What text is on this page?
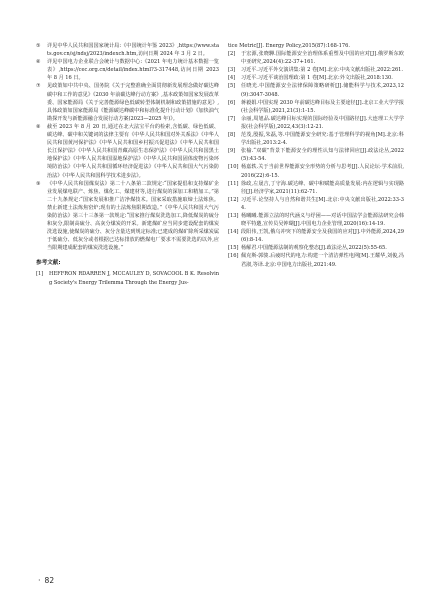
⑤	详见中华人民共和国国家统计局:《中国统计年鉴 2023》,https://www.stats.gov.cn/sj/ndsj/2023/indexch.htm,访问日期 2024 年 3 月 2 日。

⑥	详见中国电力企业联合会统计与数据中心:《2021 年电力统计基本数据一览表》,https://cec.org.cn/detail/index.html?3-317448,访问日期 2023 年 8 月 16 日。

⑦	见政策如中共中央、国务院《关于完整准确全面贯彻新发展理念做好碳达峰碳中和工作的意见》《2030 年前碳达峰行动方案》,基本政策如国家发展改革委、国家能源局《关于完善能源绿色低碳转型体制机制和政策措施的意见》,具体政策如国家能源局《能源碳达峰碳中和标准化提升行动计划》《加快油气勘探开发与新能源融合发展行动方案(2023—2025 年)》。

⑧	截至 2023 年 8 月 20 日,通过在北大法宝平台的检索,含低碳、绿色低碳、碳达峰、碳中和关键词的法律主要有《中华人民共和国对外关系法》《中华人民共和国黄河保护法》《中华人民共和国乡村振兴促进法》《中华人民共和国长江保护法》《中华人民共和国青藏高原生态保护法》《中华人民共和国黑土地保护法》《中华人民共和国湿地保护法》《中华人民共和国固体废物污染环境防治法》《中华人民共和国循环经济促进法》《中华人民共和国大气污染防治法》《中华人民共和国科学技术进步法》。

⑨	《中华人民共和国煤炭法》第二十八条第二款规定:“国家提倡和支持煤矿企业发展煤电联产、炼焦、煤化工、煤建材等,进行煤炭的深加工和精加工。”第二十九条规定:“国家发展和推广洁净煤技术。国家采取措施取缔土法炼焦。禁止新建土法炼焦窑炉;现有的土法炼焦限期改造。”《中华人民共和国大气污染防治法》第三十三条第一款规定:“国家推行煤炭洗选加工,降低煤炭的硫分和灰分,限制高硫分、高灰分煤炭的开采。新建煤矿应当同步建设配套的煤炭洗选设施,使煤炭的硫分、灰分含量达到规定标准;已建成的煤矿除所采煤炭属于低硫分、低灰分或者根据已达标排放的燃煤电厂要求不需要洗选的以外,应当限期建成配套的煤炭洗选设施。”

参考文献:

[1]	HEFFRON RDARREN J, MCCAULEY D, SOVACOOL B K. Resolving Society's Energy Trilemma Through the Energy Jus-

tice Metric[J]. Energy Policy,2015(87):168-176.

[2]	于宏源,张晓驊.国际能源安全治理体系重塑及中国的应对[J].俄罗斯东欧中亚研究,2024(4):22-37+161.

[3]	习近平.习近平外交演讲集:第 2 卷[M].北京:中央文献出版社,2022:261.

[4]	习近平.习近平谈治国理政:第 1 卷[M].北京:外文出版社,2018:130.

[5]	任晓光.中国能源安全法律保障策略研析[J].储能科学与技术,2023,12(9):3047-3048.

[6]	蒋毅娟.中国实现 2030 年前碳达峰目标及主要途径[J].北京工业大学学报(社会科学版),2021,21(3):1-15.

[7]	余丽,周旭品.碳达峰目标实现的国际经验及中国路径[J].大连理工大学学报(社会科学版),2022,43(3):12-21.

[8]	范茂,殷振,朱磊,等.中国能源安全研究:基于管理科学的视角[M].北京:科学出版社,2013:2-4.

[9]	张榆.“双碳”背景下能源安全的理性认知与法律回应[J].政法论丛,2022(5):43-54.

[10] 杨嘉轶.关于当前世界能源安全形势的分析与思考[J].人民论坛·学术前沿,2016(22):6-15.

[11] 徐政,左晟吉,丁守海.碳达峰、碳中和赋能高质量发展:内在逻辑与实现路径[J].经济学家,2021(11):62-71.

[12] 习近平.论坚持人与自然和谐共生[M].北京:中央文献出版社,2022:33-34.

[13] 杨曦曦.能源立法的时代涵义与纾困——对话中国法学会能源法研究会韩晓平特邀,宣传员吴钟瑚[J].中国电力企业管理,2020(16):14-19.

[14] 段阳伟,王凯,俄乌冲突下的能源安全及我国的应对[J].中外能源,2024,29(6):8-14.

[15] 杨解君.中国能源法制的观察化整态[J].政法论丛,2022(5):55-65.

[16] 佩克斯-郭骏.后疲时代的电力:构建一个清洁弹性电网[M].王耀华,刘俊,冯君淑,等译.北京:中国电力出版社,2021:49.

· 82
